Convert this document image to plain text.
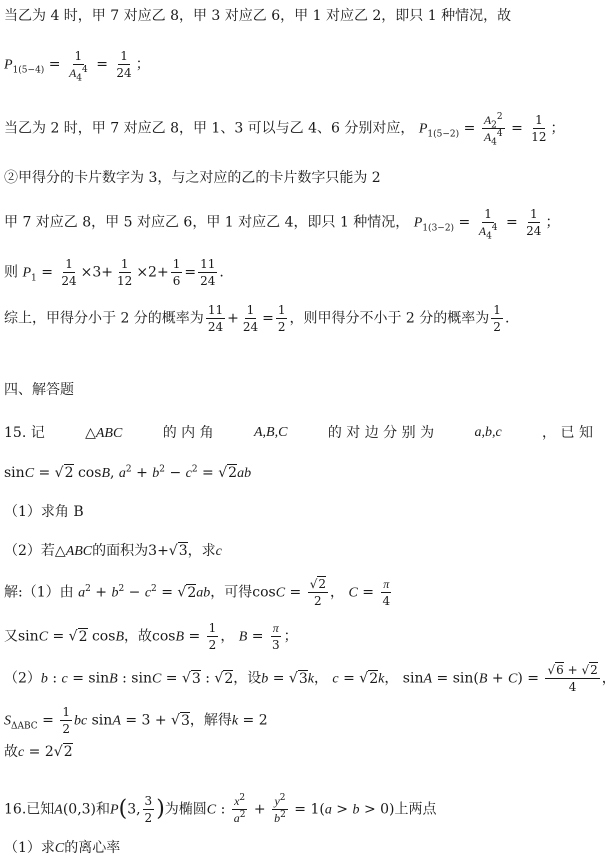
当乙为 4 时，甲 7 对应乙 8，甲 3 对应乙 6，甲 1 对应乙 2，即只 1 种情况，故
$P_{1(5-4)} = \frac{1}{A_4^4} = \frac{1}{24}$ ；
当乙为 2 时，甲 7 对应乙 8，甲 1、3 可以与乙 4、6 分别对应， $P_{1(5-2)} = \frac{A_2^2}{A_4^4} = \frac{1}{12}$ ；
②甲得分的卡片数字为 3，与之对应的乙的卡片数字只能为 2
甲 7 对应乙 8，甲 5 对应乙 6，甲 1 对应乙 4，即只 1 种情况， $P_{1(3-2)} = \frac{1}{A_4^4} = \frac{1}{24}$ ；
则 $P_1 = \frac{1}{24} \times 3+ \frac{1}{12} \times 2+ \frac{1}{6} = \frac{11}{24}$ .
综上，甲得分小于 2 分的概率为 $\frac{11}{24} + \frac{1}{24} = \frac{1}{2}$ ，则甲得分不小于 2 分的概率为 $\frac{1}{2}$ .
四、解答题
15. 记	△ABC	的 内 角	A,B,C	的 对 边 分 别 为	a,b,c	， 已 知
sinC = √2 cosB, $a^2 + b^2 - c^2 = √2ab$
（1）求角 B
（2）若△ABC的面积为3+√3，求c
解:（1）由 $a^2 + b^2 - c^2 = √2ab$，可得$\cos C = \frac{√2}{2}$ ， $C = \frac{\pi}{4}$
又sinC = √2 cosB，故$\cos B = \frac{1}{2}$ ， $B = \frac{\pi}{3}$ ；
（2）b : c = sinB : sinC = √3 : √2，设b = √3k， c = √2k， $\sin A = \sin(B + C) = \frac{√6 + √2}{4}$ ，
$S_{\Delta ABC} = \frac{1}{2}$ bc sinA = 3 + √3，解得k = 2
故c = 2√2
16.已知A(0,3)和P(3, $\frac{3}{2}$ )为椭圆C : $\frac{x^2}{a^2} + \frac{y^2}{b^2} = 1(a > b > 0)$上两点
（1）求C的离心率
